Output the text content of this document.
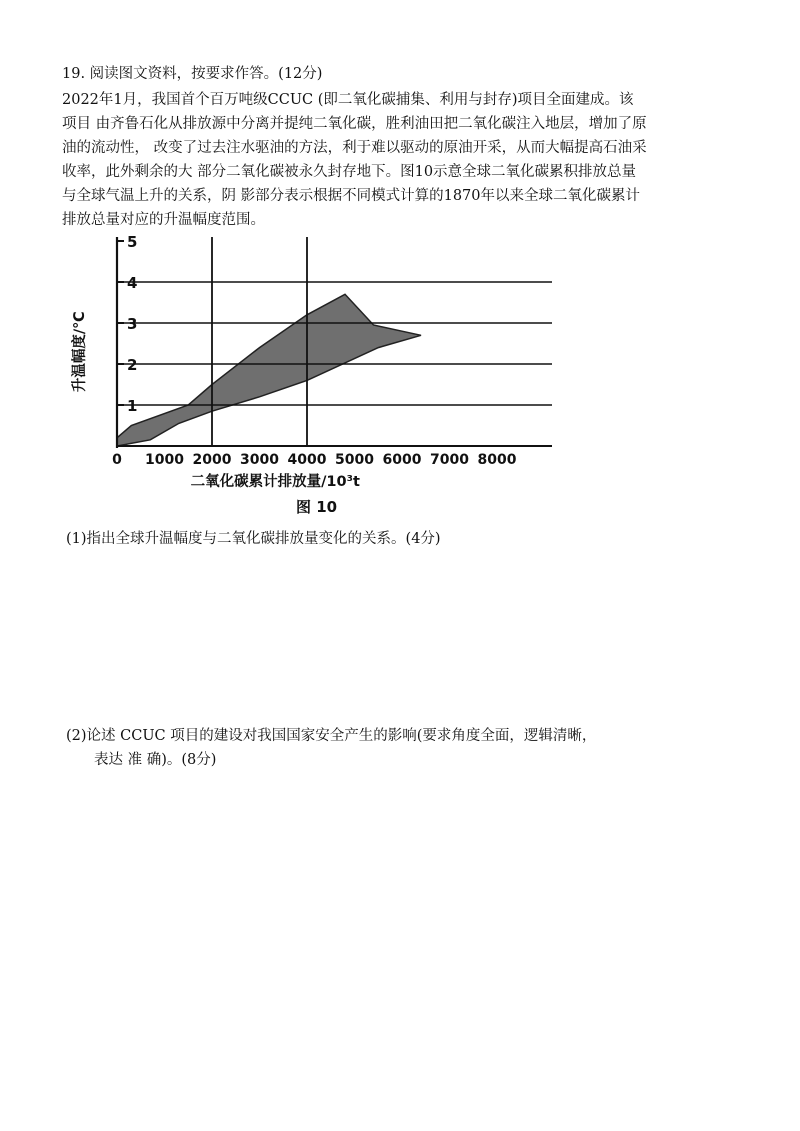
19. 阅读图文资料，按要求作答。(12分)
2022年1月，我国首个百万吨级CCUC (即二氧化碳捕集、利用与封存)项目全面建成。该
项目 由齐鲁石化从排放源中分离并提纯二氧化碳，胜利油田把二氧化碳注入地层，增加了原
油的流动性， 改变了过去注水驱油的方法，利于难以驱动的原油开采，从而大幅提高石油采
收率，此外剩余的大 部分二氧化碳被永久封存地下。图10示意全球二氧化碳累积排放总量
与全球气温上升的关系，阴 影部分表示根据不同模式计算的1870年以来全球二氧化碳累计
排放总量对应的升温幅度范围。
1
2
3
4
5
0 1000 2000 3000 4000 5000 6000 7000 8000
升温幅度/℃
二氧化碳累计排放量/10³t
图 10
(1)指出全球升温幅度与二氧化碳排放量变化的关系。(4分)
(2)论述 CCUC 项目的建设对我国国家安全产生的影响(要求角度全面，逻辑清晰，
表达 准 确)。(8分)
